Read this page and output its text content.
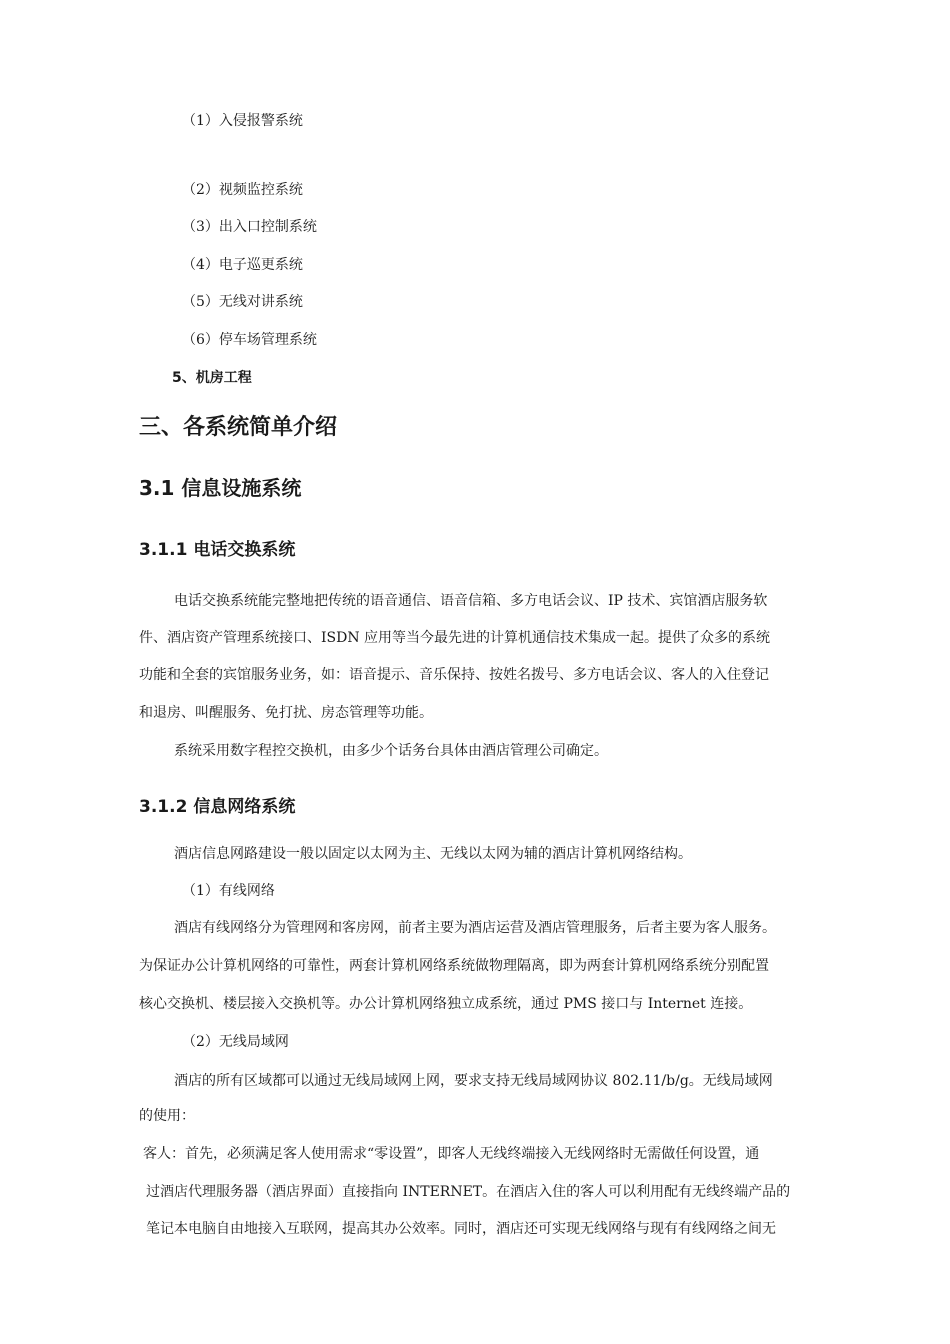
（1）入侵报警系统
（2）视频监控系统
（3）出入口控制系统
（4）电子巡更系统
（5）无线对讲系统
（6）停车场管理系统
5、机房工程
三、各系统简单介绍
3.1 信息设施系统
3.1.1 电话交换系统
电话交换系统能完整地把传统的语音通信、语音信箱、多方电话会议、IP 技术、宾馆酒店服务软
件、酒店资产管理系统接口、ISDN 应用等当今最先进的计算机通信技术集成一起。提供了众多的系统
功能和全套的宾馆服务业务，如：语音提示、音乐保持、按姓名拨号、多方电话会议、客人的入住登记
和退房、叫醒服务、免打扰、房态管理等功能。
系统采用数字程控交换机，由多少个话务台具体由酒店管理公司确定。
3.1.2 信息网络系统
酒店信息网路建设一般以固定以太网为主、无线以太网为辅的酒店计算机网络结构。
（1）有线网络
酒店有线网络分为管理网和客房网，前者主要为酒店运营及酒店管理服务，后者主要为客人服务。
为保证办公计算机网络的可靠性，两套计算机网络系统做物理隔离，即为两套计算机网络系统分别配置
核心交换机、楼层接入交换机等。办公计算机网络独立成系统，通过 PMS 接口与 Internet 连接。
（2）无线局域网
酒店的所有区域都可以通过无线局域网上网，要求支持无线局域网协议 802.11/b/g。无线局域网
的使用：
客人：首先，必须满足客人使用需求“零设置”，即客人无线终端接入无线网络时无需做任何设置，通
过酒店代理服务器（酒店界面）直接指向 INTERNET。在酒店入住的客人可以利用配有无线终端产品的
笔记本电脑自由地接入互联网，提高其办公效率。同时，酒店还可实现无线网络与现有有线网络之间无
